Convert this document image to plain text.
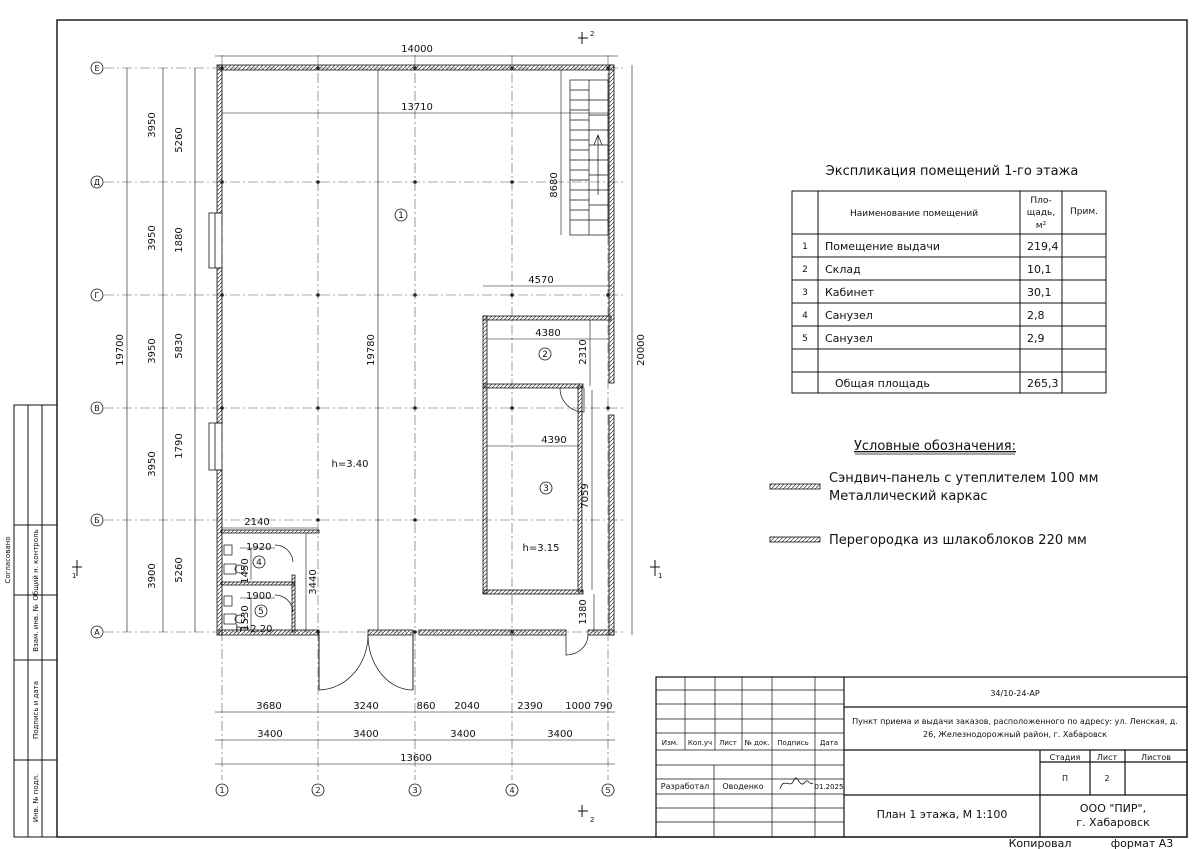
Согласовано	Общий н. контроль
Взам. инв. №
Подпись и дата
Инв. № подл.
1
2
3
4
5
h=3.40
h=3.15
h=2.20
14000
13710
4570
4380
4390
2140
1920
1900
1450
1530
19780
8680
2310
7059
3440
1380
20000
19700
3950
3950
3950
3950
3900
5260
1880
5830
1790
5260
3680	3240	860 2040	2390 1000 790
3400	3400	3400	3400
13600
Е
Д
Г
В
Б
А
1	2	3	4	5
2
2
1	1
Экспликация помещений 1-го этажа
Наименование помещений
Пло-
щадь,
м²
Прим.
1 Помещение выдачи	219,4
2 Склад	10,1
3 Кабинет	30,1
4 Санузел	2,8
5 Санузел	2,9
Общая площадь	265,3
Условные обозначения:
Сэндвич-панель с утеплителем 100 мм
Металлический каркас
Перегородка из шлакоблоков 220 мм
Изм. Кол.уч Лист № док. Подпись Дата
Разработал Оводенко	01.2025
34/10-24-АР
Пункт приема и выдачи заказов, расположенного по адресу: ул. Ленская, д.
26, Железнодорожный район, г. Хабаровск
Стадия Лист	Листов
П	2
План 1 этажа, М 1:100	ООО "ПИР",
г. Хабаровск
Копировал	формат А3
